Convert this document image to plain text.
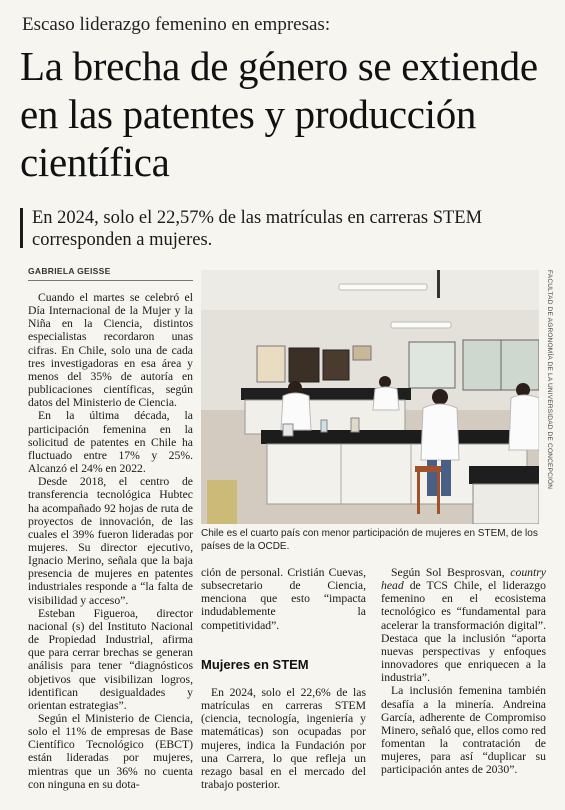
Escaso liderazgo femenino en empresas:
La brecha de género se extiende en las patentes y producción científica
En 2024, solo el 22,57% de las matrículas en carreras STEM corresponden a mujeres.
GABRIELA GEISSE

Cuando el martes se celebró el Día Internacional de la Mujer y la Niña en la Ciencia, distintos especialistas recordaron unas cifras. En Chile, solo una de cada tres investigadoras en esa área y menos del 35% de autoría en publicaciones científicas, según datos del Ministerio de Ciencia.

En la última década, la participación femenina en la solicitud de patentes en Chile ha fluctuado entre 17% y 25%. Alcanzó el 24% en 2022.

Desde 2018, el centro de transferencia tecnológica Hubtec ha acompañado 92 hojas de ruta de proyectos de innovación, de las cuales el 39% fueron lideradas por mujeres. Su director ejecutivo, Ignacio Merino, señala que la baja presencia de mujeres en patentes industriales responde a “la falta de visibilidad y acceso”.

Esteban Figueroa, director nacional (s) del Instituto Nacional de Propiedad Industrial, afirma que para cerrar brechas se generan análisis para tener “diagnósticos objetivos que visibilizan logros, identifican desigualdades y orientan estrategias”.

Según el Ministerio de Ciencia, solo el 11% de empresas de Base Científico Tecnológico (EBCT) están lideradas por mujeres, mientras que un 36% no cuenta con ninguna en su dota-

FACULTAD DE AGRONOMÍA DE LA UNIVERSIDAD DE CONCEPCIÓN
Chile es el cuarto país con menor participación de mujeres en STEM, de los países de la OCDE.

ción de personal. Cristián Cuevas, subsecretario de Ciencia, menciona que esto “impacta indudablemente la competitividad”.

Mujeres en STEM

En 2024, solo el 22,6% de las matrículas en carreras STEM (ciencia, tecnología, ingeniería y matemáticas) son ocupadas por mujeres, indica la Fundación por una Carrera, lo que refleja un rezago basal en el mercado del trabajo posterior.

Según Sol Besprosvan, country head de TCS Chile, el liderazgo femenino en el ecosistema tecnológico es “fundamental para acelerar la transformación digital”. Destaca que la inclusión “aporta nuevas perspectivas y enfoques innovadores que enriquecen a la industria”.

La inclusión femenina también desafía a la minería. Andreina García, adherente de Compromiso Minero, señaló que, ellos como red fomentan la contratación de mujeres, para así “duplicar su participación antes de 2030”.
